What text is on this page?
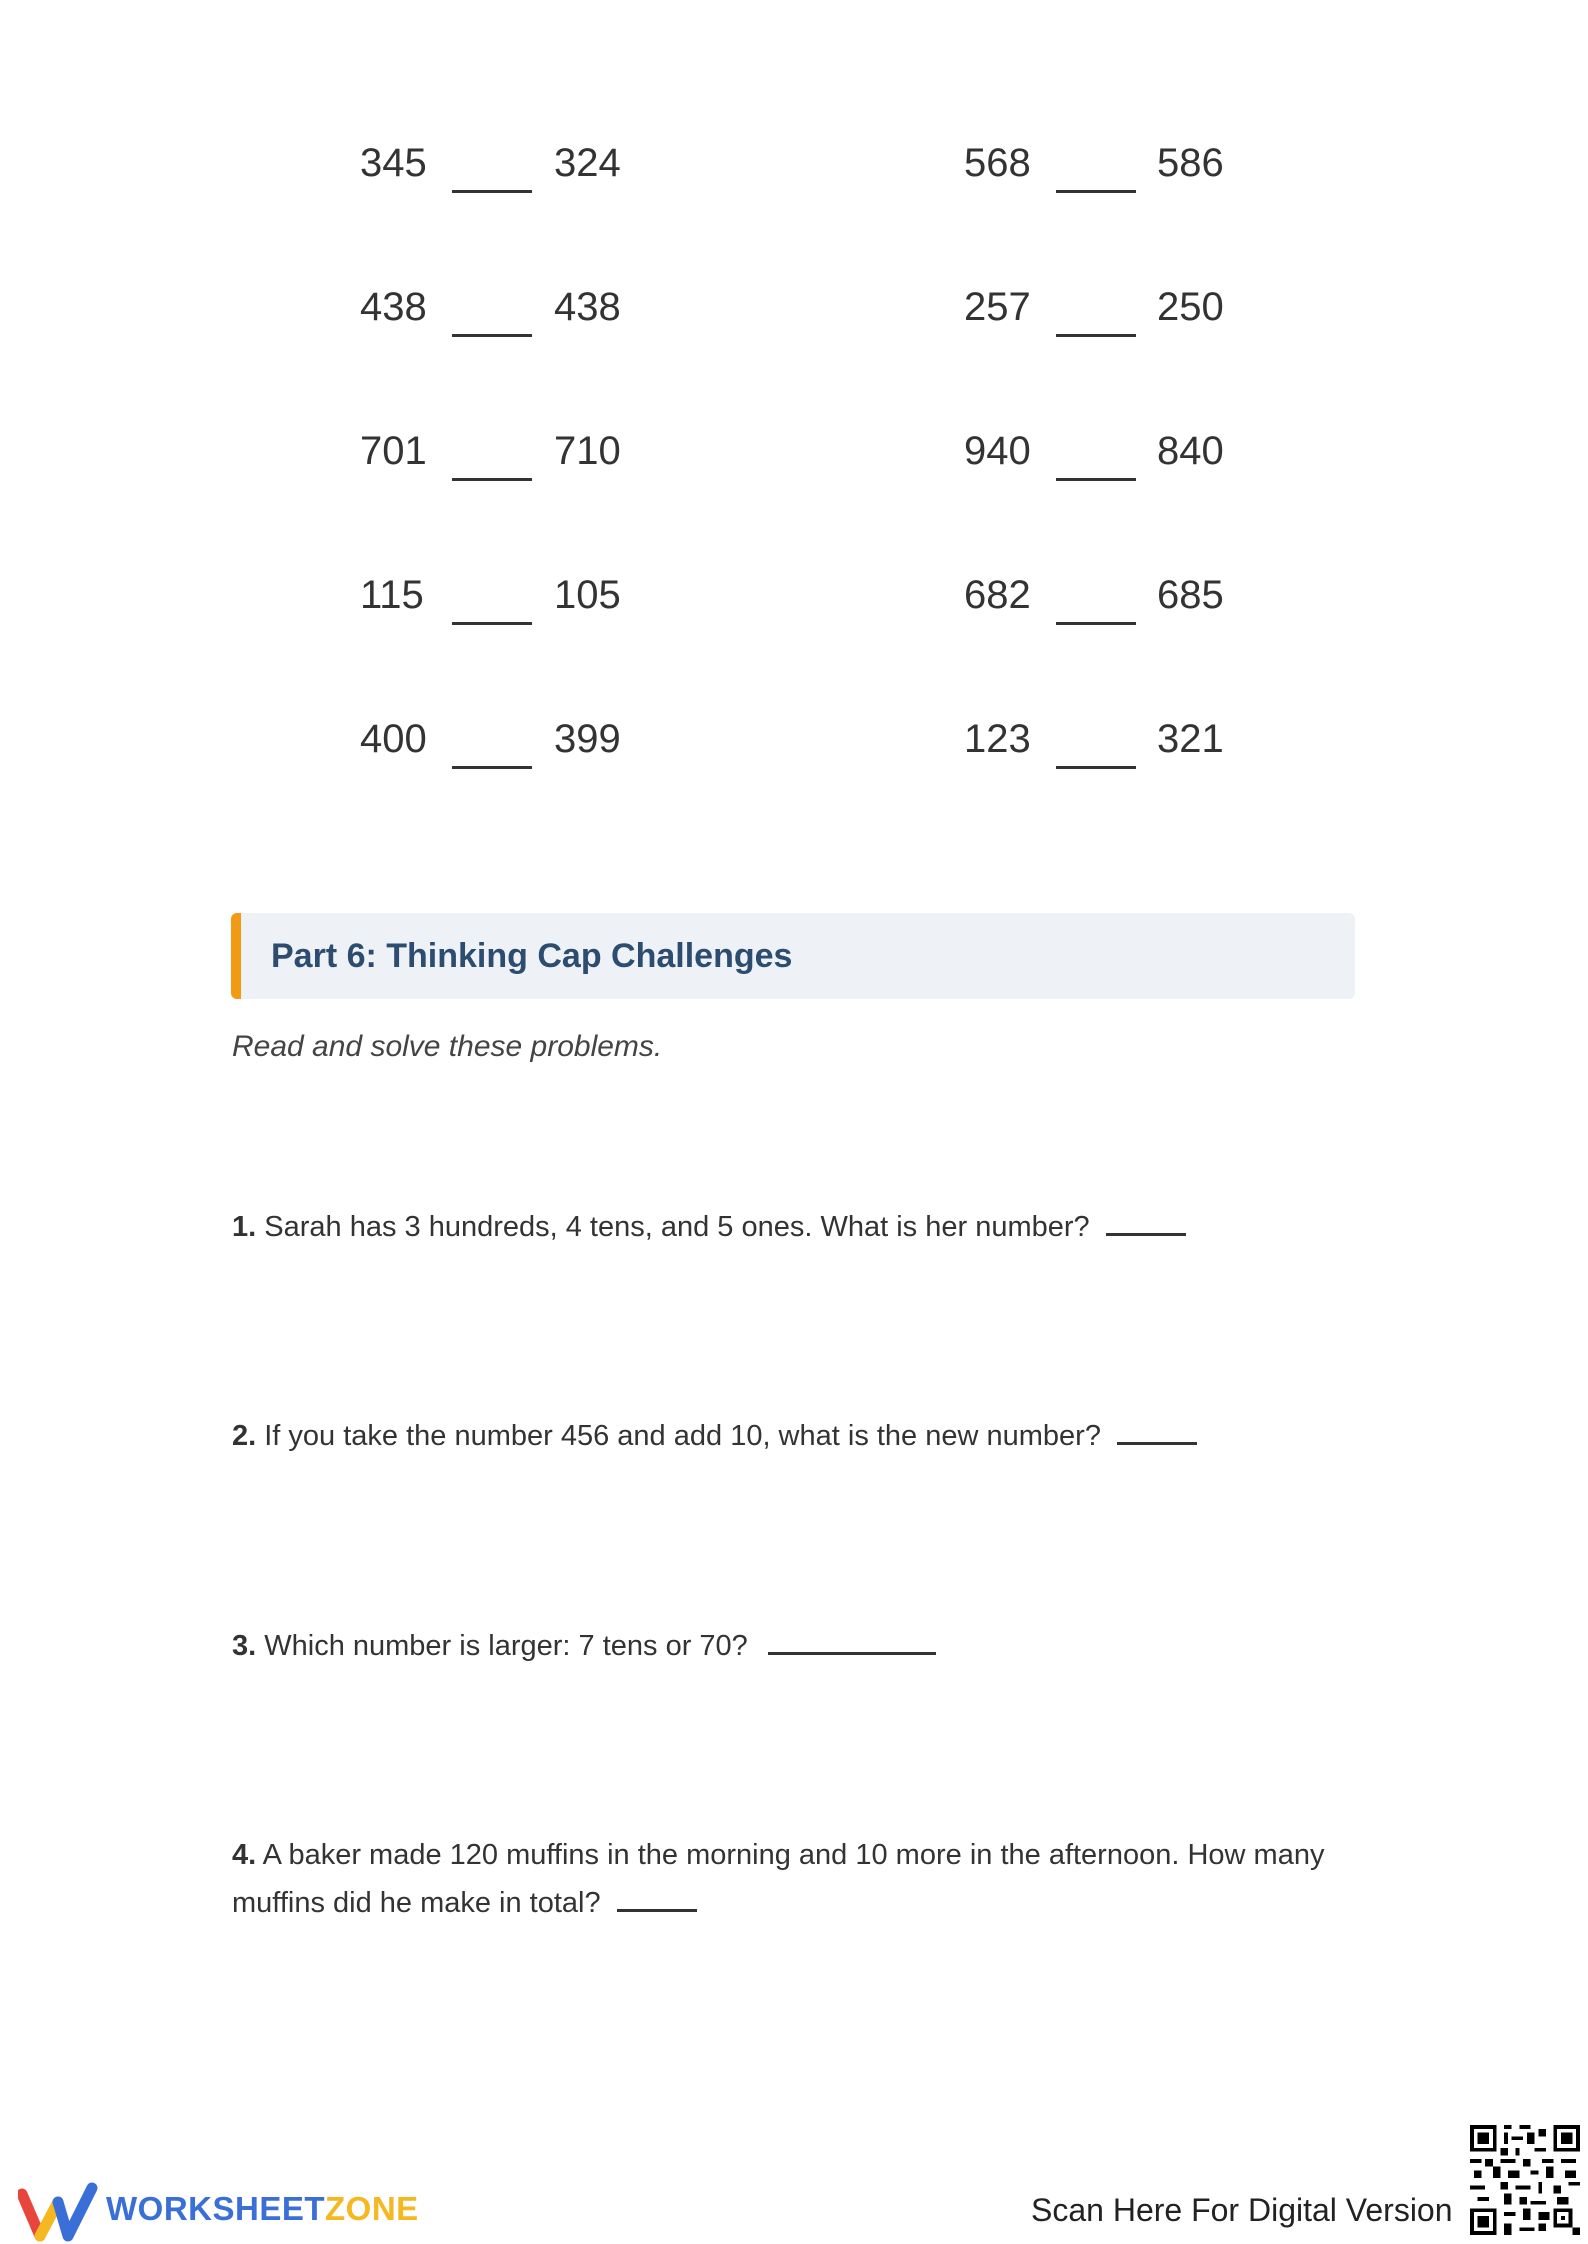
345	324	568	586
438	438	257	250
701	710	940	840
115	105	682	685
400	399	123	321
Part 6: Thinking Cap Challenges
Read and solve these problems.
1. Sarah has 3 hundreds, 4 tens, and 5 ones. What is her number?
2. If you take the number 456 and add 10, what is the new number?
3. Which number is larger: 7 tens or 70?
4. A baker made 120 muffins in the morning and 10 more in the afternoon. How many muffins did he make in total?
WORKSHEETZONE	Scan Here For Digital Version
